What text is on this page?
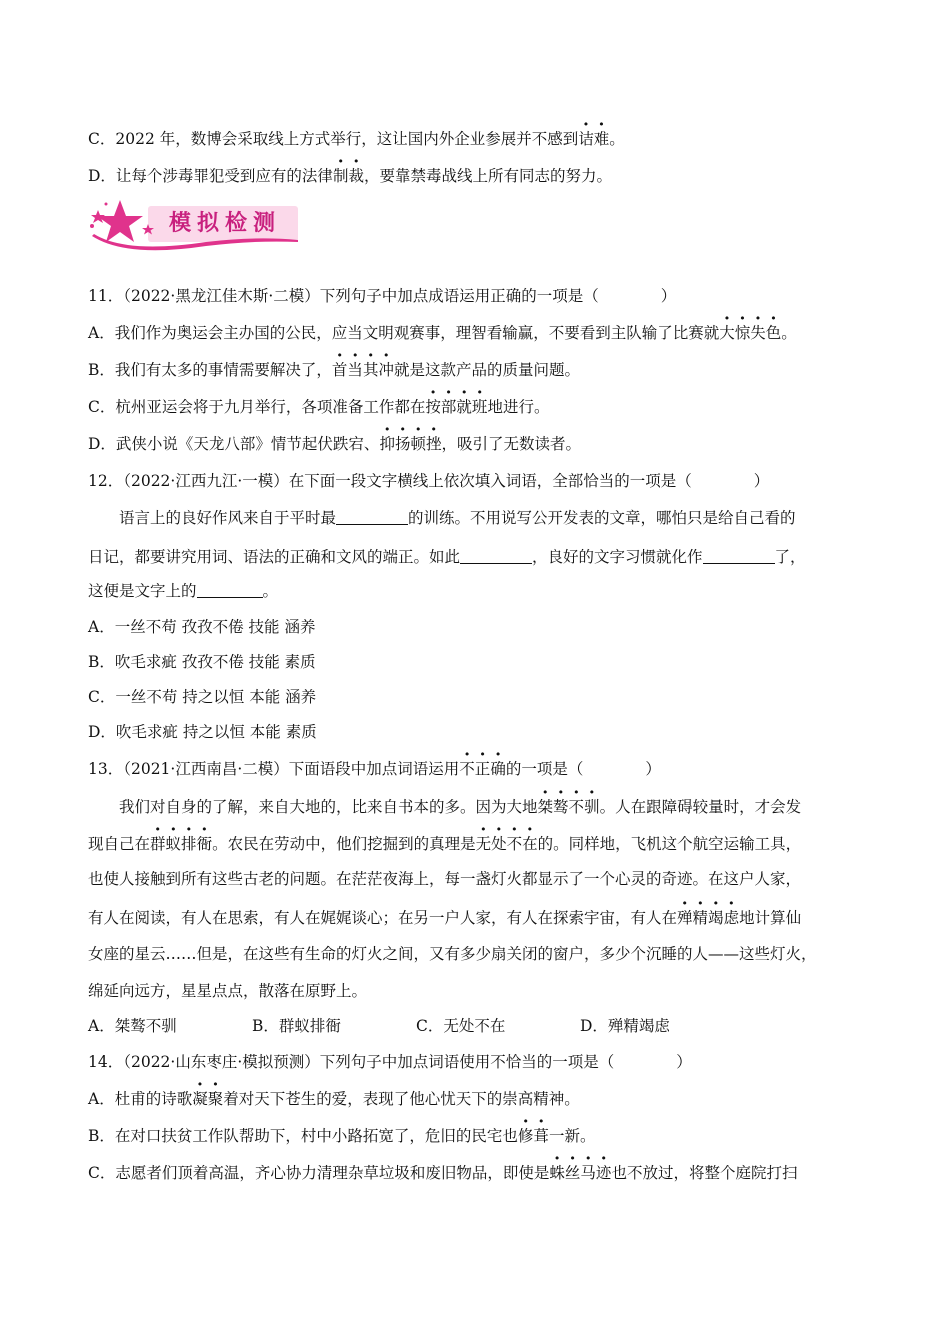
C．2022 年，数博会采取线上方式举行，这让国内外企业参展并不感到诘难。
D．让每个涉毒罪犯受到应有的法律制裁，要靠禁毒战线上所有同志的努力。
模拟检测
11．（2022·黑龙江佳木斯·二模）下列句子中加点成语运用正确的一项是（	）
A．我们作为奥运会主办国的公民，应当文明观赛事，理智看输赢，不要看到主队输了比赛就大惊失色。
B．我们有太多的事情需要解决了，首当其冲就是这款产品的质量问题。
C．杭州亚运会将于九月举行，各项准备工作都在按部就班地进行。
D．武侠小说《天龙八部》情节起伏跌宕、抑扬顿挫，吸引了无数读者。
12．（2022·江西九江·一模）在下面一段文字横线上依次填入词语，全部恰当的一项是（	）
语言上的良好作风来自于平时最	的训练。不用说写公开发表的文章，哪怕只是给自己看的
日记，都要讲究用词、语法的正确和文风的端正。如此	，良好的文字习惯就化作	了，
这便是文字上的	。
A．一丝不苟 孜孜不倦 技能 涵养
B．吹毛求疵 孜孜不倦 技能 素质
C．一丝不苟 持之以恒 本能 涵养
D．吹毛求疵 持之以恒 本能 素质
13．（2021·江西南昌·二模）下面语段中加点词语运用不正确的一项是（	）
我们对自身的了解，来自大地的，比来自书本的多。因为大地桀骜不驯。人在跟障碍较量时，才会发
现自己在群蚁排衙。农民在劳动中，他们挖掘到的真理是无处不在的。同样地，飞机这个航空运输工具，
也使人接触到所有这些古老的问题。在茫茫夜海上，每一盏灯火都显示了一个心灵的奇迹。在这户人家，
有人在阅读，有人在思索，有人在娓娓谈心；在另一户人家，有人在探索宇宙，有人在殚精竭虑地计算仙
女座的星云……但是，在这些有生命的灯火之间，又有多少扇关闭的窗户，多少个沉睡的人——这些灯火，
绵延向远方，星星点点，散落在原野上。
A．桀骜不驯	B．群蚁排衙	C．无处不在	D．殚精竭虑
14．（2022·山东枣庄·模拟预测）下列句子中加点词语使用不恰当的一项是（	）
A．杜甫的诗歌凝聚着对天下苍生的爱，表现了他心忧天下的崇高精神。
B．在对口扶贫工作队帮助下，村中小路拓宽了，危旧的民宅也修葺一新。
C．志愿者们顶着高温，齐心协力清理杂草垃圾和废旧物品，即使是蛛丝马迹也不放过，将整个庭院打扫
